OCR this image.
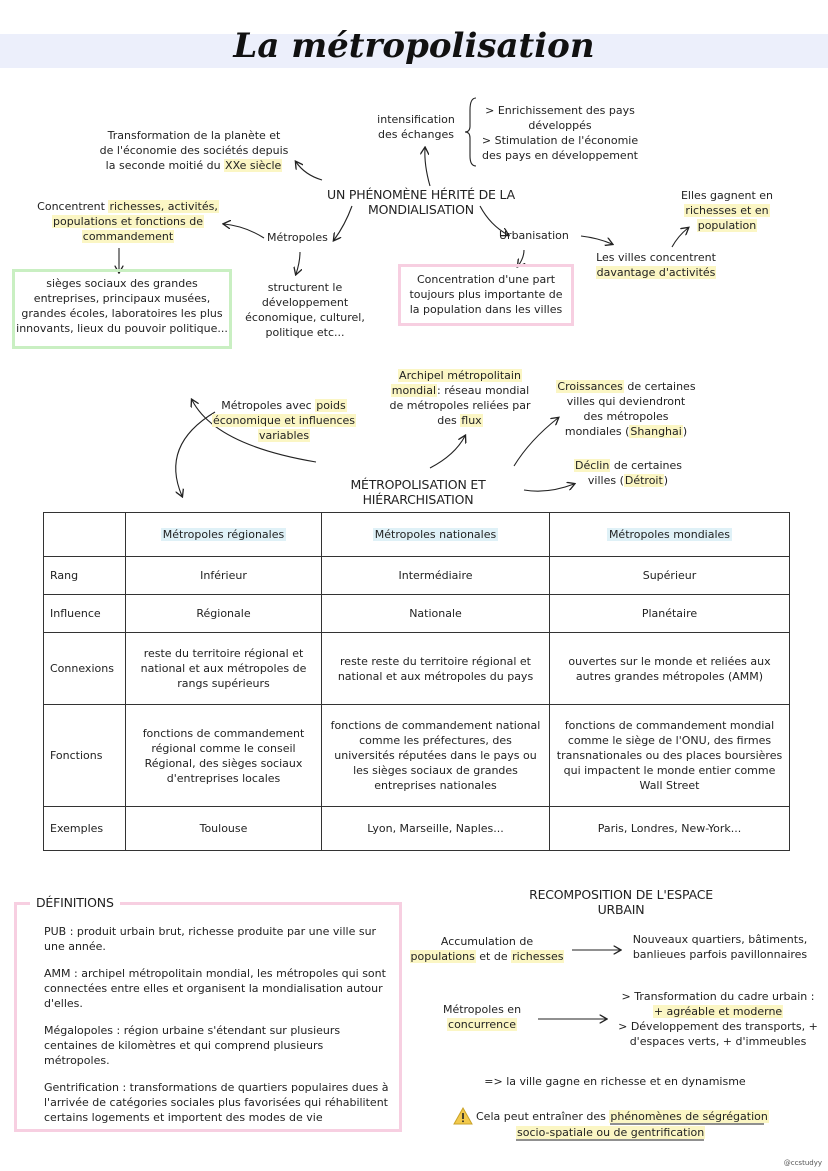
La métropolisation
Transformation de la planète et
de l'économie des sociétés depuis
la seconde moitié du XXe siècle
intensification
des échanges
> Enrichissement des pays
développés
> Stimulation de l'économie
des pays en développement
UN PHÉNOMÈNE HÉRITÉ DE LA MONDIALISATION
Concentrent richesses, activités,
populations et fonctions de
commandement	Métropoles
sièges sociaux des grandes
entreprises, principaux musées,
grandes écoles, laboratoires les plus
innovants, lieux du pouvoir politique...
structurent le
développement
économique, culturel,
politique etc...
Urbanisation
Concentration d'une part
toujours plus importante de
la population dans les villes
Elles gagnent en
richesses et en
population
Les villes concentrent
davantage d'activités
Métropoles avec poids
économique et influences
variables
Archipel métropolitain
mondial: réseau mondial
de métropoles reliées par
des flux
Croissances de certaines
villes qui deviendront
des métropoles
mondiales (Shanghai)
Déclin de certaines
villes (Détroit)
MÉTROPOLISATION ET HIÉRARCHISATION
	Métropoles régionales	Métropoles nationales	Métropoles mondiales
Rang	Inférieur	Intermédiaire	Supérieur
Influence	Régionale	Nationale	Planétaire
Connexions	reste du territoire régional et national et aux métropoles de rangs supérieurs	reste reste du territoire régional et national et aux métropoles du pays	ouvertes sur le monde et reliées aux autres grandes métropoles (AMM)
Fonctions	fonctions de commandement régional comme le conseil Régional, des sièges sociaux d'entreprises locales	fonctions de commandement national comme les préfectures, des universités réputées dans le pays ou les sièges sociaux de grandes entreprises nationales	fonctions de commandement mondial comme le siège de l'ONU, des firmes transnationales ou des places boursières qui impactent le monde entier comme Wall Street
Exemples	Toulouse	Lyon, Marseille, Naples...	Paris, Londres, New-York...
DÉFINITIONS

PUB : produit urbain brut, richesse produite par une ville sur une année.

AMM : archipel métropolitain mondial, les métropoles qui sont connectées entre elles et organisent la mondialisation autour d'elles.

Mégalopoles : région urbaine s'étendant sur plusieurs centaines de kilomètres et qui comprend plusieurs métropoles.

Gentrification : transformations de quartiers populaires dues à l'arrivée de catégories sociales plus favorisées qui réhabilitent certains logements et importent des modes de vie

RECOMPOSITION DE L'ESPACE URBAIN
Accumulation de
populations et de richesses
Nouveaux quartiers, bâtiments,
banlieues parfois pavillonnaires
Métropoles en
concurrence
> Transformation du cadre urbain :
+ agréable et moderne
> Développement des transports, +
d'espaces verts, + d'immeubles
=> la ville gagne en richesse et en dynamisme
Cela peut entraîner des phénomènes de ségrégation
socio-spatiale ou de gentrification
@ccstudyy
